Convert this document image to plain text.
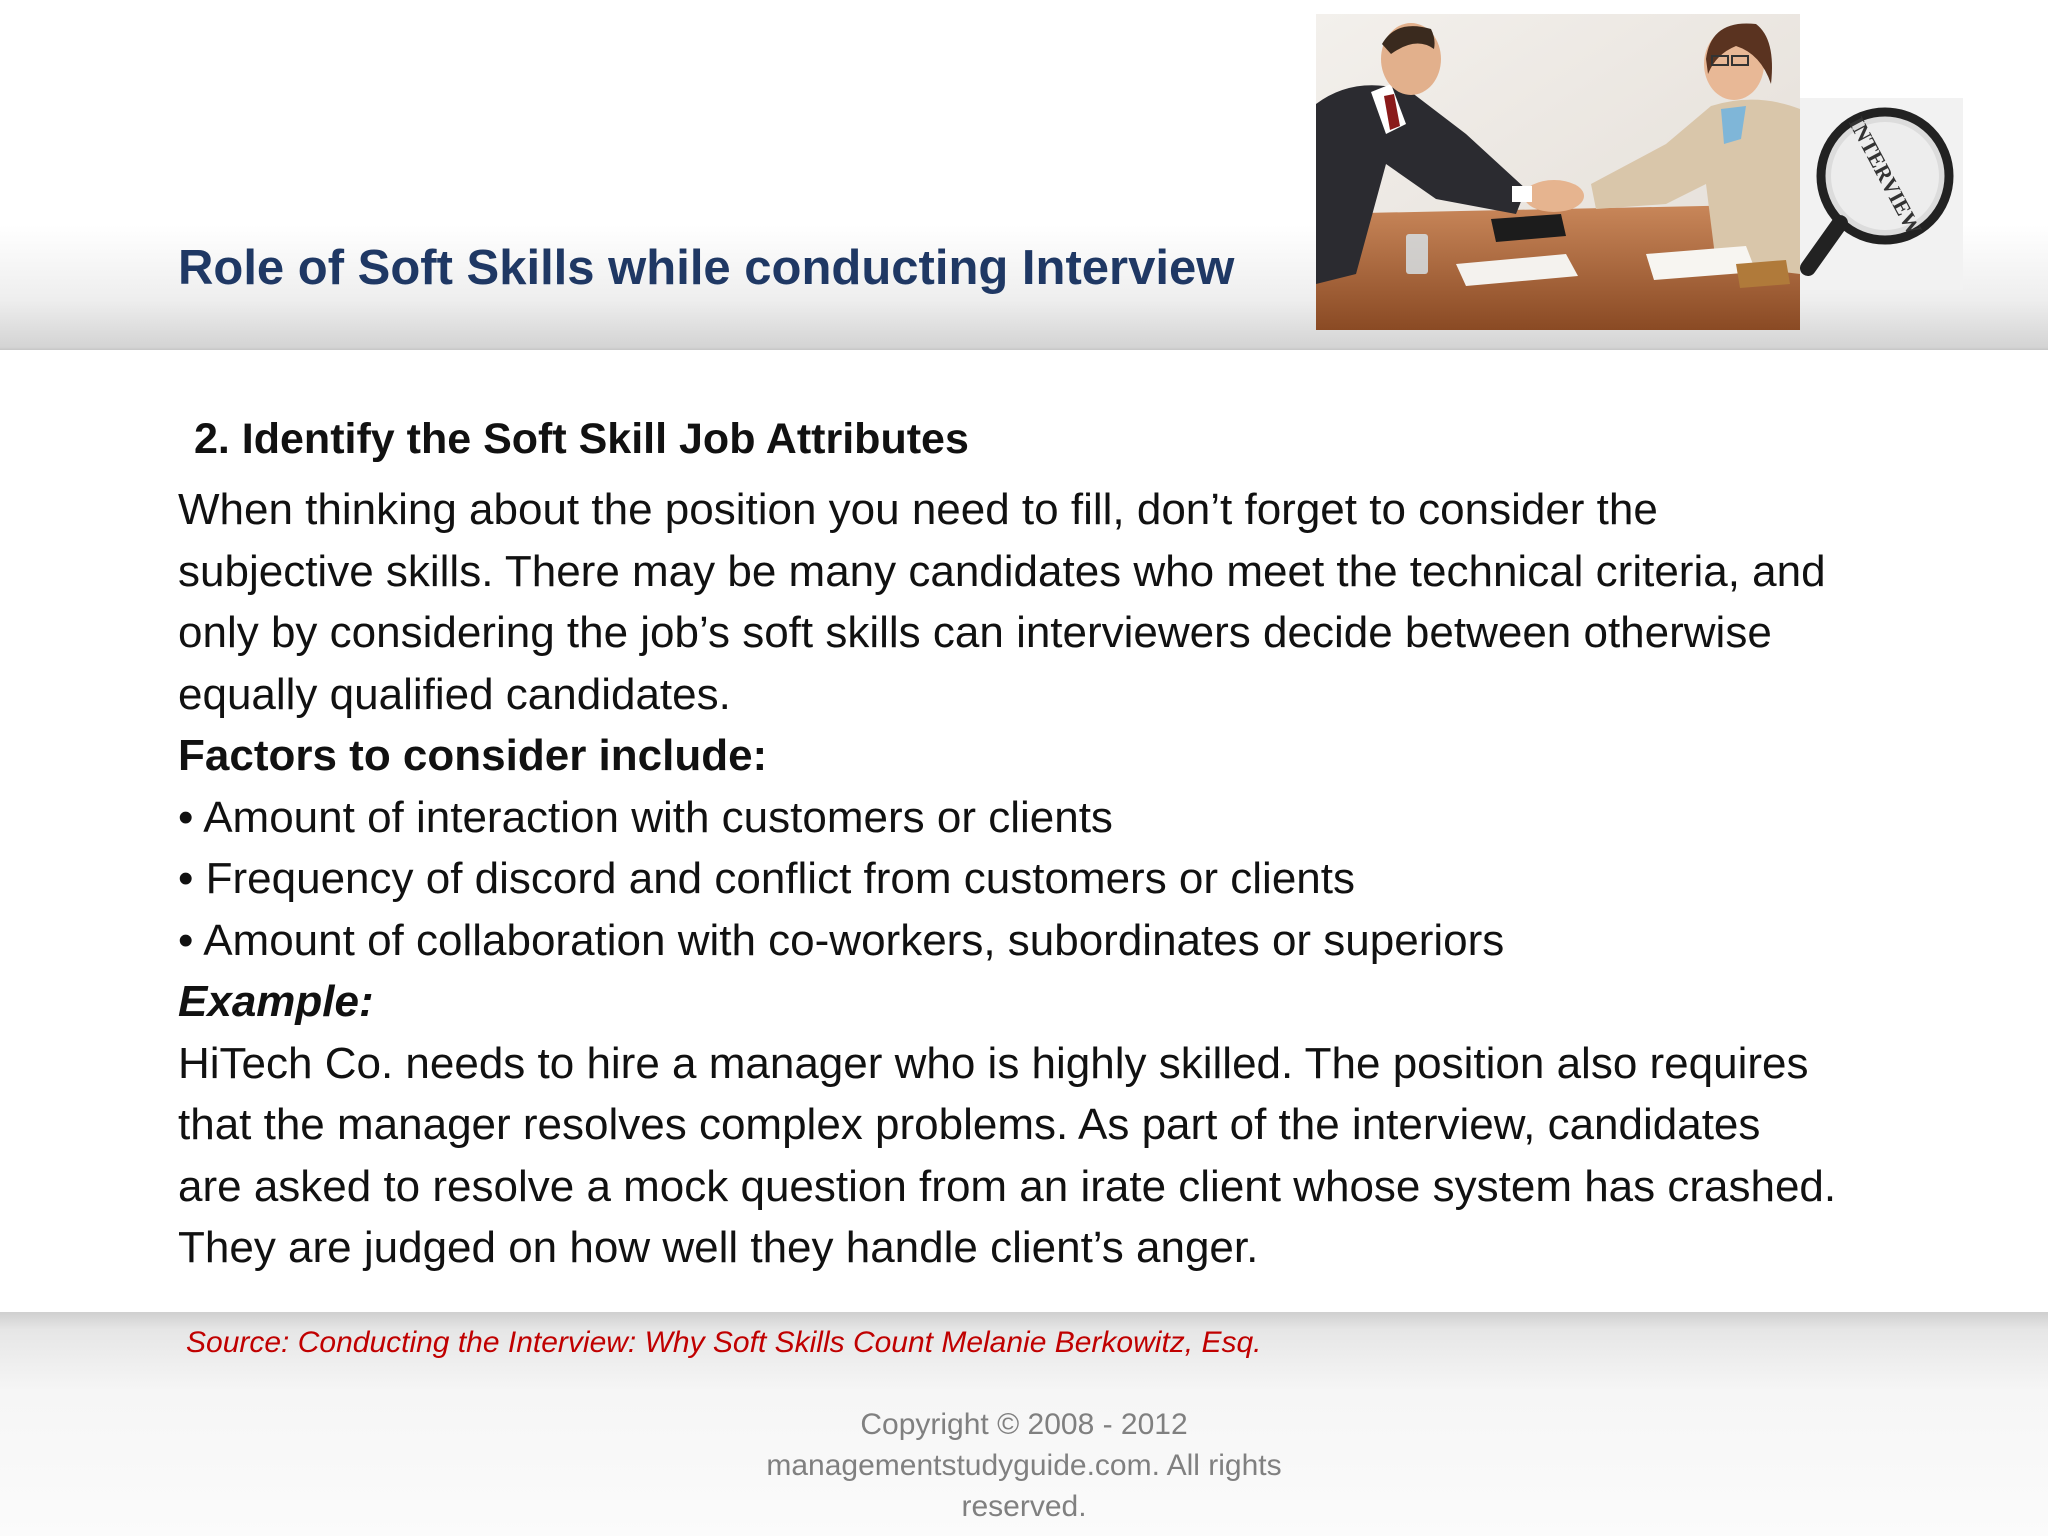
Role of Soft Skills while conducting Interview
INTERVIEW
2. Identify the Soft Skill Job Attributes

When thinking about the position you need to fill, don’t forget to consider the

subjective skills. There may be many candidates who meet the technical criteria, and

only by considering the job’s soft skills can interviewers decide between otherwise

equally qualified candidates.

Factors to consider include:

• Amount of interaction with customers or clients
• Frequency of discord and conflict from customers or clients
• Amount of collaboration with co-workers, subordinates or superiors

Example:

HiTech Co. needs to hire a manager who is highly skilled. The position also requires

that the manager resolves complex problems. As part of the interview, candidates

are asked to resolve a mock question from an irate client whose system has crashed.

They are judged on how well they handle client’s anger.

Source: Conducting the Interview: Why Soft Skills Count Melanie Berkowitz, Esq.

Copyright © 2008 - 2012
managementstudyguide.com. All rights
reserved.
